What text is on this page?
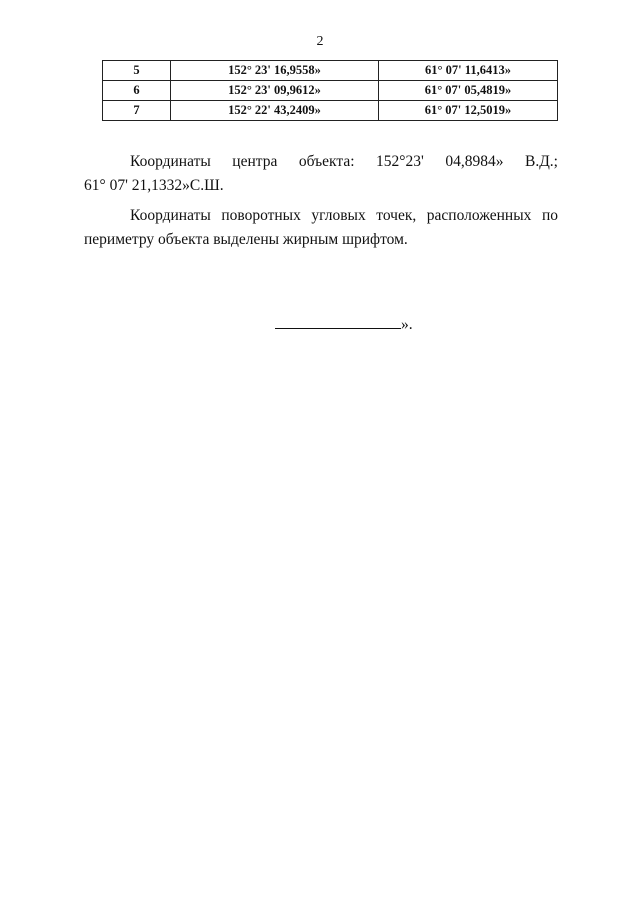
2
5	152° 23' 16,9558»	61° 07' 11,6413»
6	152° 23' 09,9612»	61° 07' 05,4819»
7	152° 22' 43,2409»	61° 07' 12,5019»
Координаты центра объекта: 152°23' 04,8984» В.Д.;
61° 07' 21,1332»С.Ш.
Координаты поворотных угловых точек, расположенных по
периметру объекта выделены жирным шрифтом.
».
